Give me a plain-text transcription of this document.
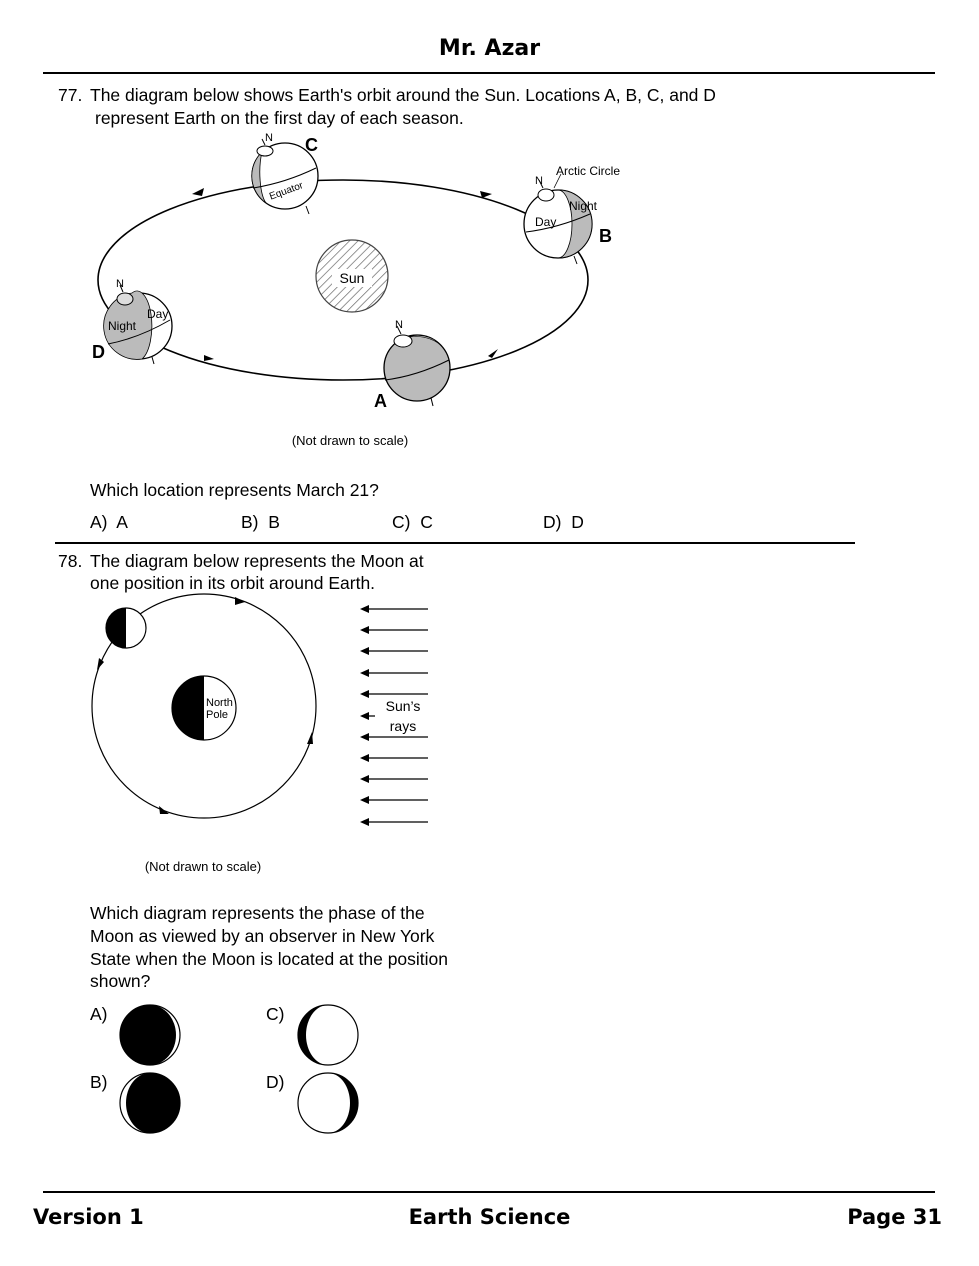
Mr. Azar
77. The diagram below shows Earth's orbit around the Sun. Locations A, B, C, and D
represent Earth on the first day of each season.
Sun
N
Equator
C
N
Arctic Circle
Day
Night
B
N
Night
Day
D
N
A
(Not drawn to scale)
Which location represents March 21?
A) A	B) B	C) C	D) D
78. The diagram below represents the Moon at
one position in its orbit around Earth.
North
Pole
Sun’s
rays
(Not drawn to scale)
Which diagram represents the phase of the
Moon as viewed by an observer in New York
State when the Moon is located at the position
shown?
A)	C)
B)	D)
Version 1	Earth Science	Page 31
